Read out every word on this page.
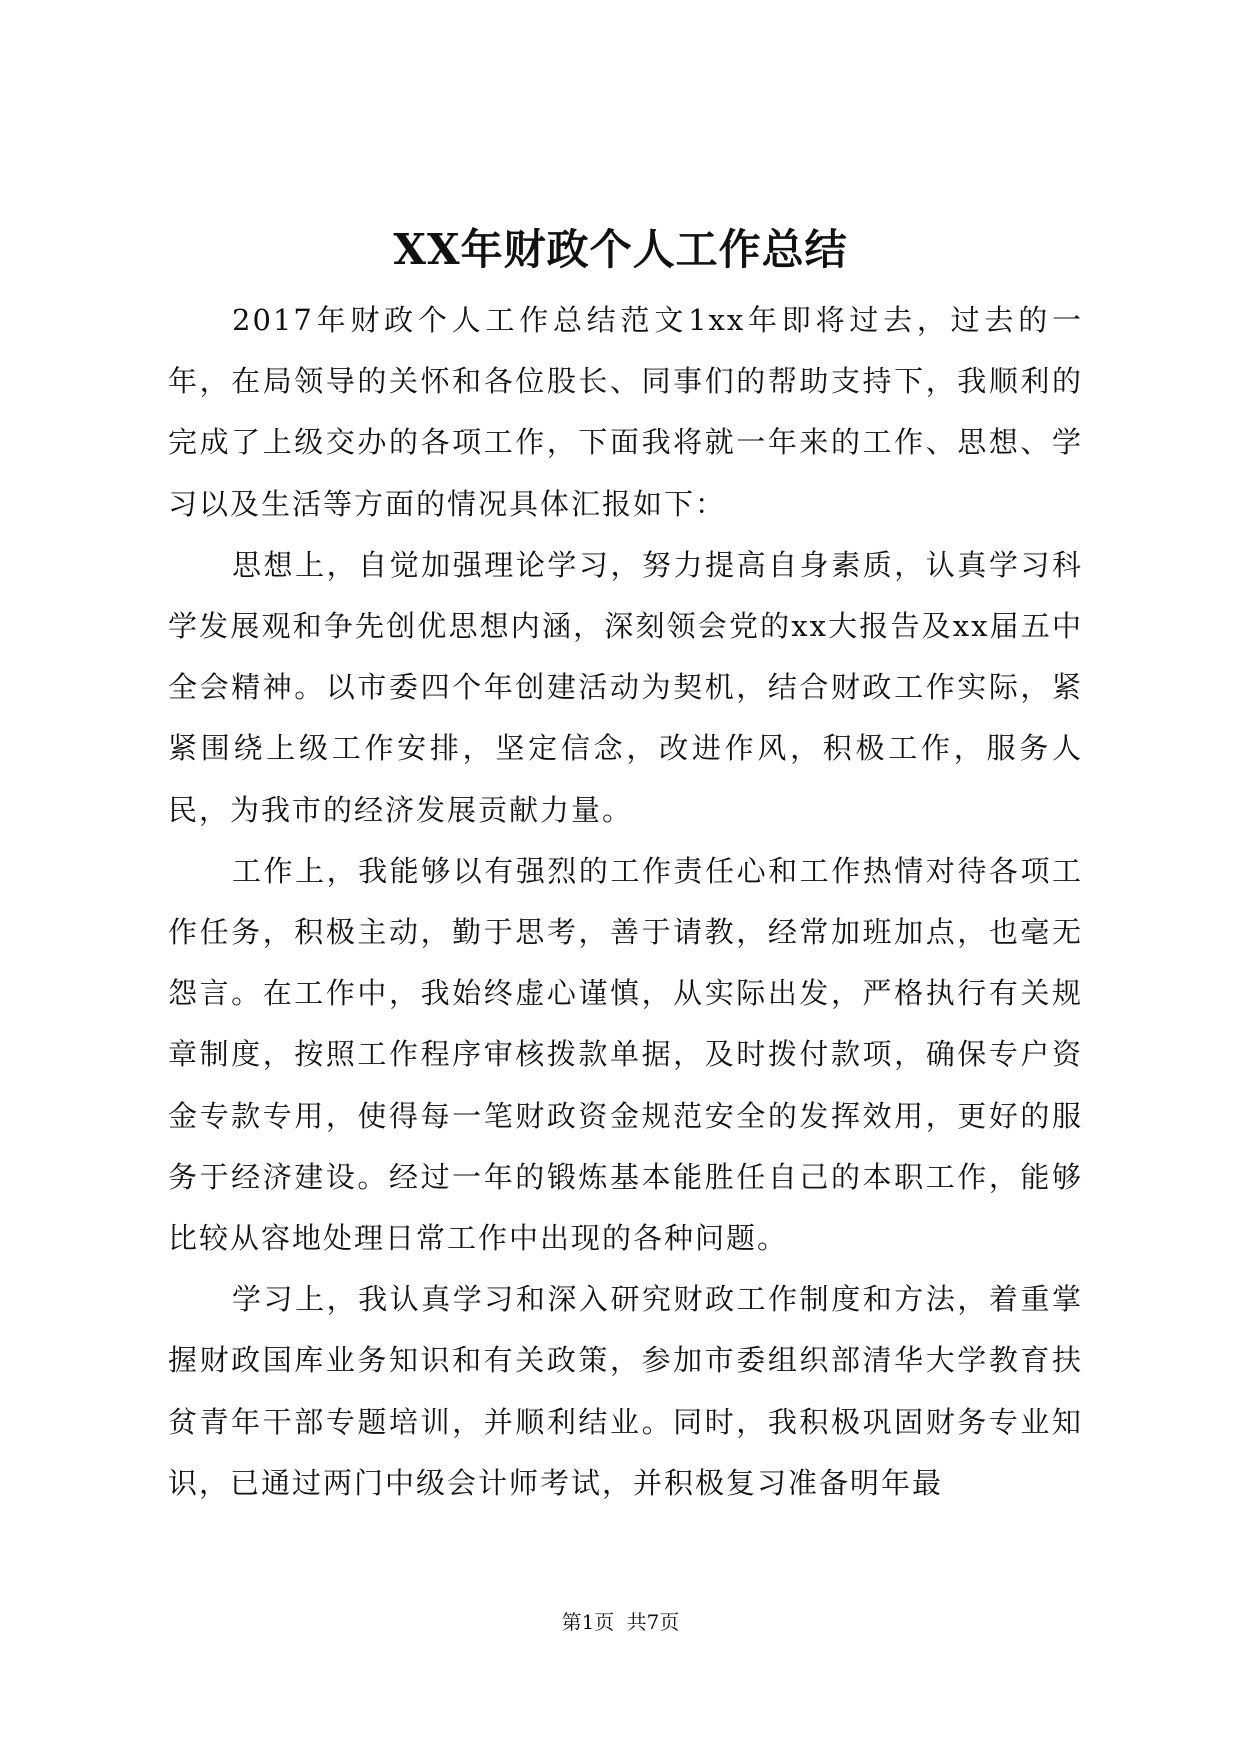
XX年财政个人工作总结

2017年财政个人工作总结范文1xx年即将过去，过去的一年，在局领导的关怀和各位股长、同事们的帮助支持下，我顺利的完成了上级交办的各项工作，下面我将就一年来的工作、思想、学习以及生活等方面的情况具体汇报如下：

思想上，自觉加强理论学习，努力提高自身素质，认真学习科学发展观和争先创优思想内涵，深刻领会党的xx大报告及xx届五中全会精神。以市委四个年创建活动为契机，结合财政工作实际，紧紧围绕上级工作安排，坚定信念，改进作风，积极工作，服务人民，为我市的经济发展贡献力量。

工作上，我能够以有强烈的工作责任心和工作热情对待各项工作任务，积极主动，勤于思考，善于请教，经常加班加点，也毫无怨言。在工作中，我始终虚心谨慎，从实际出发，严格执行有关规章制度，按照工作程序审核拨款单据，及时拨付款项，确保专户资金专款专用，使得每一笔财政资金规范安全的发挥效用，更好的服务于经济建设。经过一年的锻炼基本能胜任自己的本职工作，能够比较从容地处理日常工作中出现的各种问题。

学习上，我认真学习和深入研究财政工作制度和方法，着重掌握财政国库业务知识和有关政策，参加市委组织部清华大学教育扶贫青年干部专题培训，并顺利结业。同时，我积极巩固财务专业知识，已通过两门中级会计师考试，并积极复习准备明年最

第1页 共7页
